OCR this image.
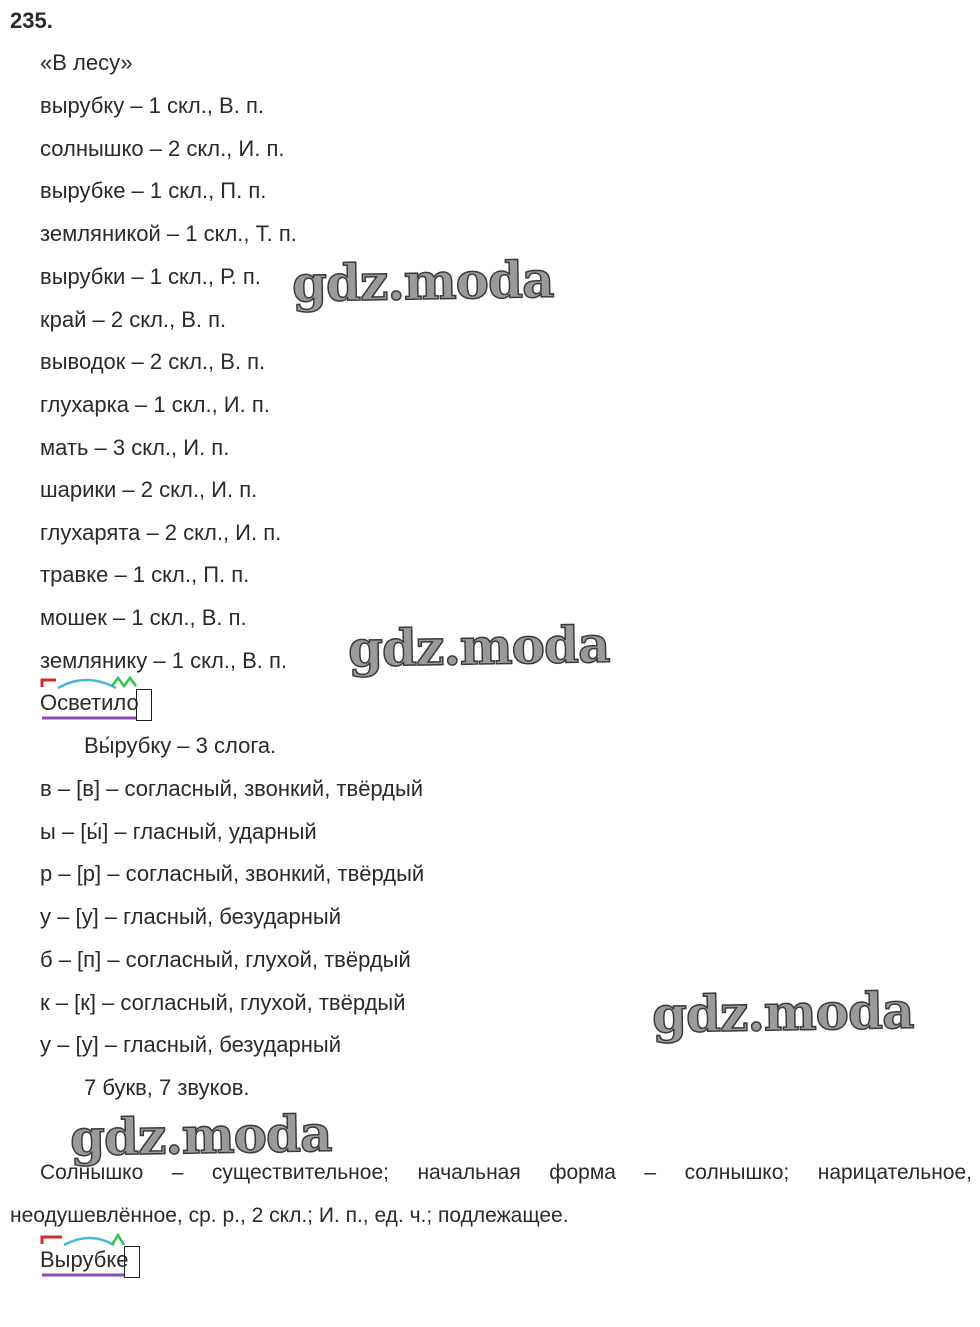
235.
«В лесу»
вырубку – 1 скл., В. п.
солнышко – 2 скл., И. п.
вырубке – 1 скл., П. п.
земляникой – 1 скл., Т. п.
вырубки – 1 скл., Р. п.
край – 2 скл., В. п.
выводок – 2 скл., В. п.
глухарка – 1 скл., И. п.
мать – 3 скл., И. п.
шарики – 2 скл., И. п.
глухарята – 2 скл., И. п.
травке – 1 скл., П. п.
мошек – 1 скл., В. п.
землянику – 1 скл., В. п.
Осветило
Вы́рубку – 3 слога.
в – [в] – согласный, звонкий, твёрдый
ы – [ы́] – гласный, ударный
р – [р] – согласный, звонкий, твёрдый
у – [у] – гласный, безударный
б – [п] – согласный, глухой, твёрдый
к – [к] – согласный, глухой, твёрдый
у – [у] – гласный, безударный
7 букв, 7 звуков.
Солнышко – существительное; начальная форма – солнышко; нарицательное,
неодушевлённое, ср. р., 2 скл.; И. п., ед. ч.; подлежащее.
Вырубке
gdz.moda
gdz.moda
gdz.moda
gdz.moda
